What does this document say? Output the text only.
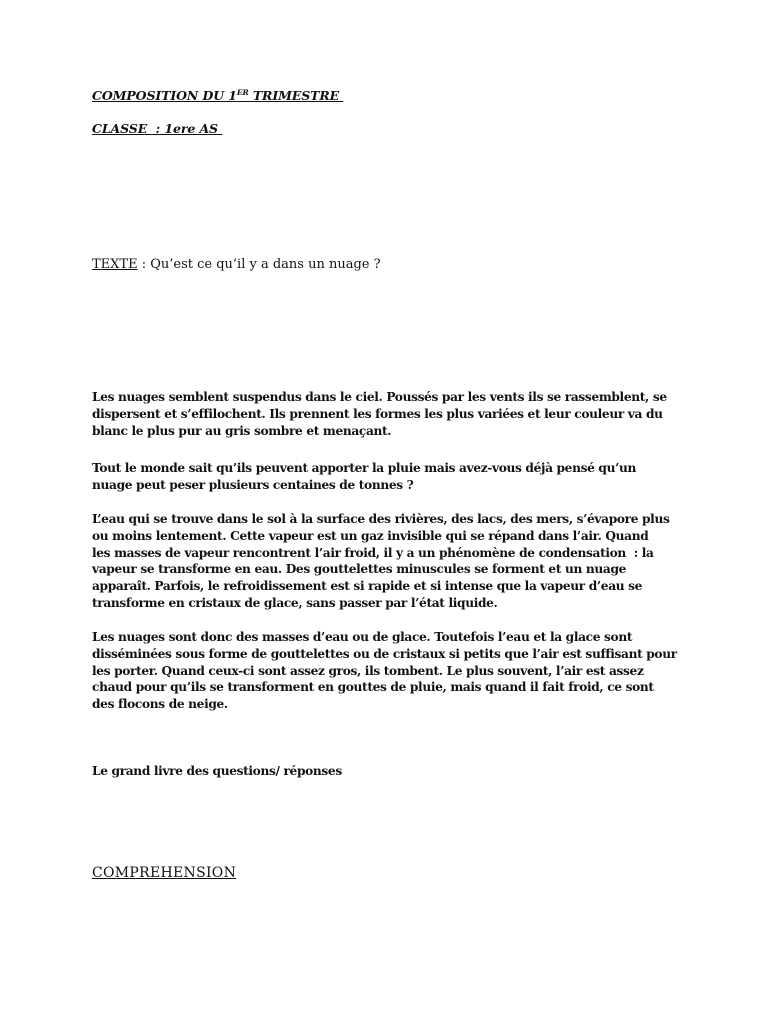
COMPOSITION DU 1ER TRIMESTRE
CLASSE  : 1ere AS
TEXTE : Qu’est ce qu’il y a dans un nuage ?

Les nuages semblent suspendus dans le ciel. Poussés par les vents ils se rassemblent, se
dispersent et s’effilochent. Ils prennent les formes les plus variées et leur couleur va du
blanc le plus pur au gris sombre et menaçant.

Tout le monde sait qu’ils peuvent apporter la pluie mais avez-vous déjà pensé qu’un
nuage peut peser plusieurs centaines de tonnes ?

L’eau qui se trouve dans le sol à la surface des rivières, des lacs, des mers, s’évapore plus
ou moins lentement. Cette vapeur est un gaz invisible qui se répand dans l’air. Quand
les masses de vapeur rencontrent l’air froid, il y a un phénomène de condensation  : la
vapeur se transforme en eau. Des gouttelettes minuscules se forment et un nuage
apparaît. Parfois, le refroidissement est si rapide et si intense que la vapeur d’eau se
transforme en cristaux de glace, sans passer par l’état liquide.

Les nuages sont donc des masses d’eau ou de glace. Toutefois l’eau et la glace sont
disséminées sous forme de gouttelettes ou de cristaux si petits que l’air est suffisant pour
les porter. Quand ceux-ci sont assez gros, ils tombent. Le plus souvent, l’air est assez
chaud pour qu’ils se transforment en gouttes de pluie, mais quand il fait froid, ce sont
des flocons de neige.

Le grand livre des questions/ réponses
COMPREHENSION
